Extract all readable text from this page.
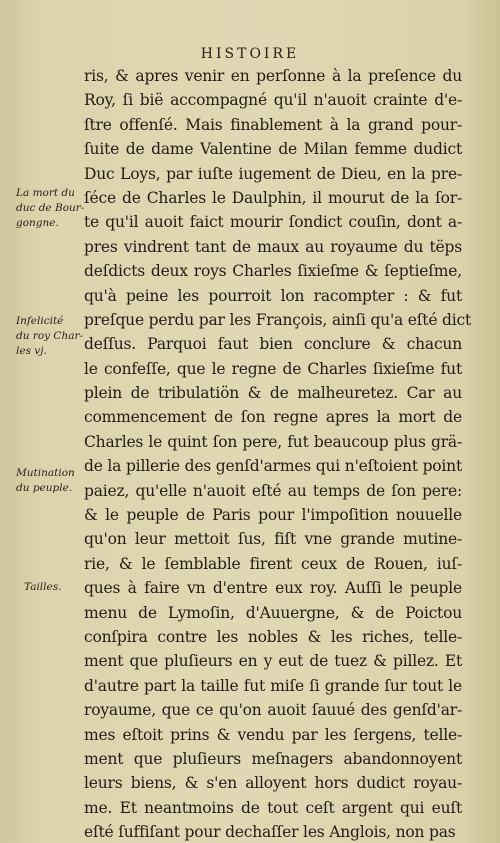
HISTOIRE
ris, & apres venir en perſonne à la preſence du
Roy, ſi bië accompagné qu'il n'auoit crainte d'e-
ſtre offenſé. Mais finablement à la grand pour-
ſuite de dame Valentine de Milan femme dudict
Duc Loys, par iuſte iugement de Dieu, en la pre-
ſéce de Charles le Daulphin, il mourut de la ſor-
te qu'il auoit faict mourir ſondict couſin, dont a-
pres vindrent tant de maux au royaume du tëps
deſdicts deux roys Charles ſixieſme & ſeptieſme,
qu'à peine les pourroit lon racompter : & fut
preſque perdu par les François, ainſi qu'a eſté dict
deſſus. Parquoi faut bien conclure & chacun
le confeſſe, que le regne de Charles ſixieſme fut
plein de tribulatiön & de malheuretez. Car au
commencement de ſon regne apres la mort de
Charles le quint ſon pere, fut beaucoup plus grä-
de la pillerie des genſd'armes qui n'eſtoient point
paiez, qu'elle n'auoit eſté au temps de ſon pere:
& le peuple de Paris pour l'impoſition nouuelle
qu'on leur mettoit ſus, fiſt vne grande mutine-
rie, & le ſemblable firent ceux de Rouen, iuſ-
ques à faire vn d'entre eux roy. Auſſi le peuple
menu de Lymoſin, d'Auuergne, & de Poictou
conſpira contre les nobles & les riches, telle-
ment que pluſieurs en y eut de tuez & pillez. Et
d'autre part la taille fut miſe ſi grande ſur tout le
royaume, que ce qu'on auoit ſauué des genſd'ar-
mes eſtoit prins & vendu par les ſergens, telle-
ment que pluſieurs meſnagers abandonnoyent
leurs biens, & s'en alloyent hors dudict royau-
me. Et neantmoins de tout ceſt argent qui euſt
eſté ſuffiſant pour dechaſſer les Anglois, non pas
La mort du
duc de Bour-
gongne.
Infelicité
du roy Char-
les vj.
Mutination
du peuple.
Tailles.
